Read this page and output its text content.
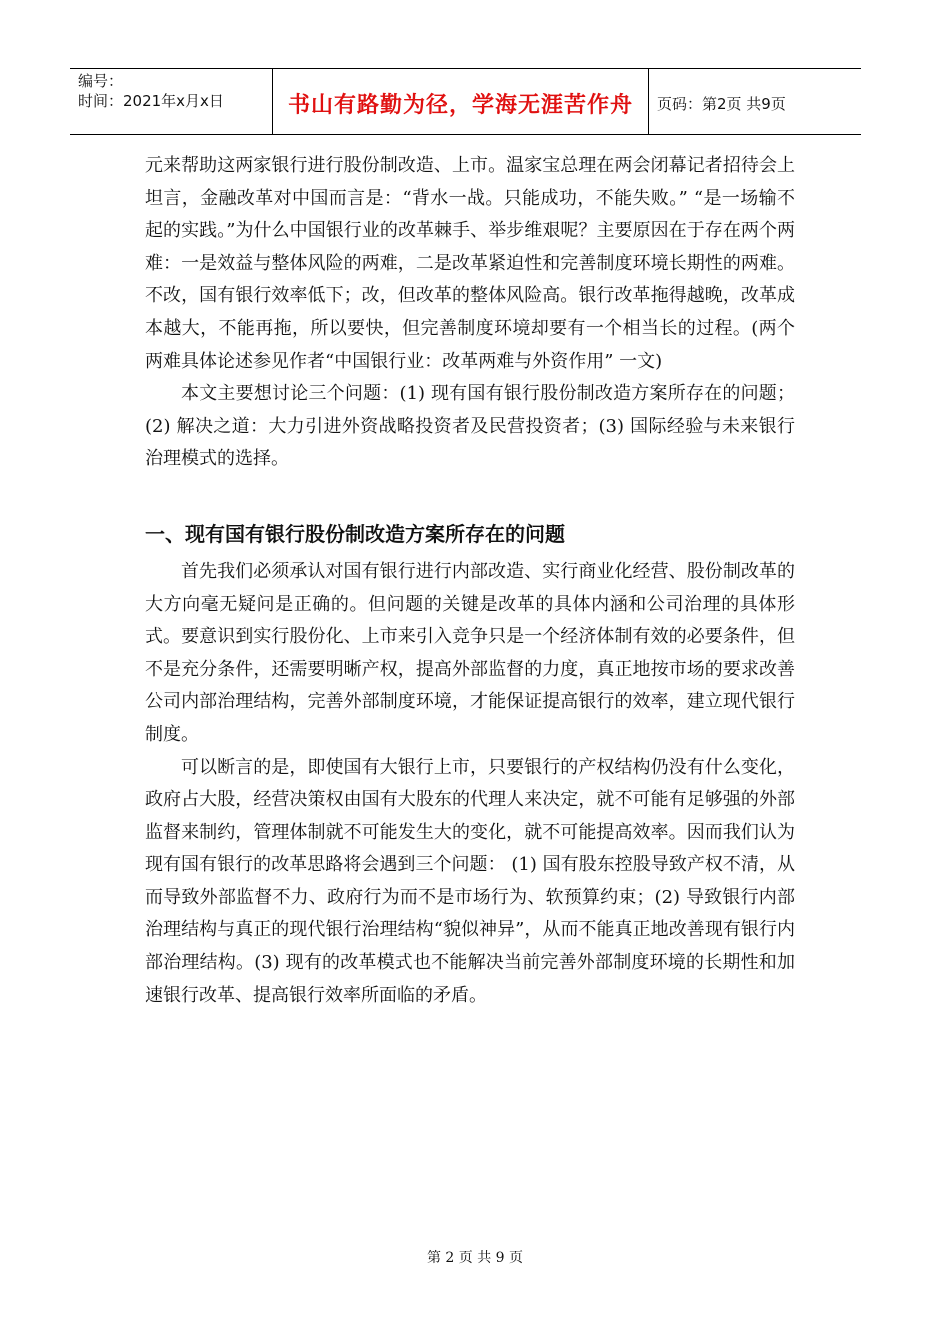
编号：
时间：2021年x月x日	书山有路勤为径，学海无涯苦作舟	页码：第2页 共9页

元来帮助这两家银行进行股份制改造、上市。温家宝总理在两会闭幕记者招待会上坦言，金融改革对中国而言是：“背水一战。只能成功，不能失败。” “是一场输不起的实践。”为什么中国银行业的改革棘手、举步维艰呢？主要原因在于存在两个两难：一是效益与整体风险的两难，二是改革紧迫性和完善制度环境长期性的两难。不改，国有银行效率低下；改，但改革的整体风险高。银行改革拖得越晚，改革成本越大，不能再拖，所以要快，但完善制度环境却要有一个相当长的过程。(两个两难具体论述参见作者“中国银行业：改革两难与外资作用” 一文)

本文主要想讨论三个问题：(1) 现有国有银行股份制改造方案所存在的问题；(2) 解决之道：大力引进外资战略投资者及民营投资者；(3) 国际经验与未来银行治理模式的选择。

一、现有国有银行股份制改造方案所存在的问题

首先我们必须承认对国有银行进行内部改造、实行商业化经营、股份制改革的大方向毫无疑问是正确的。但问题的关键是改革的具体内涵和公司治理的具体形式。要意识到实行股份化、上市来引入竞争只是一个经济体制有效的必要条件，但不是充分条件，还需要明晰产权，提高外部监督的力度，真正地按市场的要求改善公司内部治理结构，完善外部制度环境，才能保证提高银行的效率，建立现代银行制度。

可以断言的是，即使国有大银行上市，只要银行的产权结构仍没有什么变化，政府占大股，经营决策权由国有大股东的代理人来决定，就不可能有足够强的外部监督来制约，管理体制就不可能发生大的变化，就不可能提高效率。因而我们认为现有国有银行的改革思路将会遇到三个问题： (1) 国有股东控股导致产权不清，从而导致外部监督不力、政府行为而不是市场行为、软预算约束；(2) 导致银行内部治理结构与真正的现代银行治理结构“貌似神异”，从而不能真正地改善现有银行内部治理结构。(3) 现有的改革模式也不能解决当前完善外部制度环境的长期性和加速银行改革、提高银行效率所面临的矛盾。

第 2 页 共 9 页
